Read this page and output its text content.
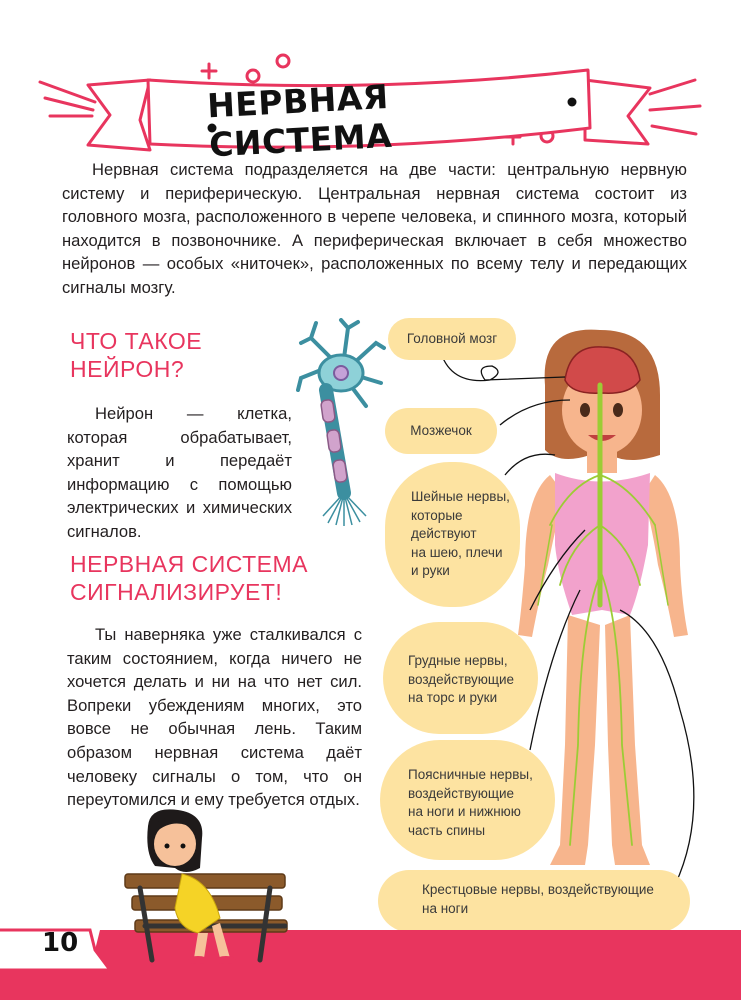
НЕРВНАЯ СИСТЕМА
Нервная система подразделяется на две части: центральную нервную систему и периферическую. Центральная нервная система состоит из головного мозга, расположенного в черепе человека, и спинного мозга, который находится в позвоночнике. А периферическая включает в себя множество нейронов — особых «ниточек», расположенных по всему телу и передающих сигналы мозгу.
ЧТО ТАКОЕ
НЕЙРОН?
Нейрон — клетка, которая обрабатывает, хранит и передаёт информацию с помощью электрических и химических сигналов.
НЕРВНАЯ СИСТЕМА
СИГНАЛИЗИРУЕТ!
Ты наверняка уже сталкивался с таким состоянием, когда ничего не хочется делать и ни на что нет сил. Вопреки убеждениям многих, это вовсе не обычная лень. Таким образом нервная система даёт человеку сигналы о том, что он переутомился и ему требуется отдых.
Головной мозг
Мозжечок
Шейные нервы,
которые
действуют
на шею, плечи
и руки
Грудные нервы,
воздействующие
на торс и руки
Поясничные нервы,
воздействующие
на ноги и нижнюю
часть спины
Крестцовые нервы, воздействующие
на ноги
10
